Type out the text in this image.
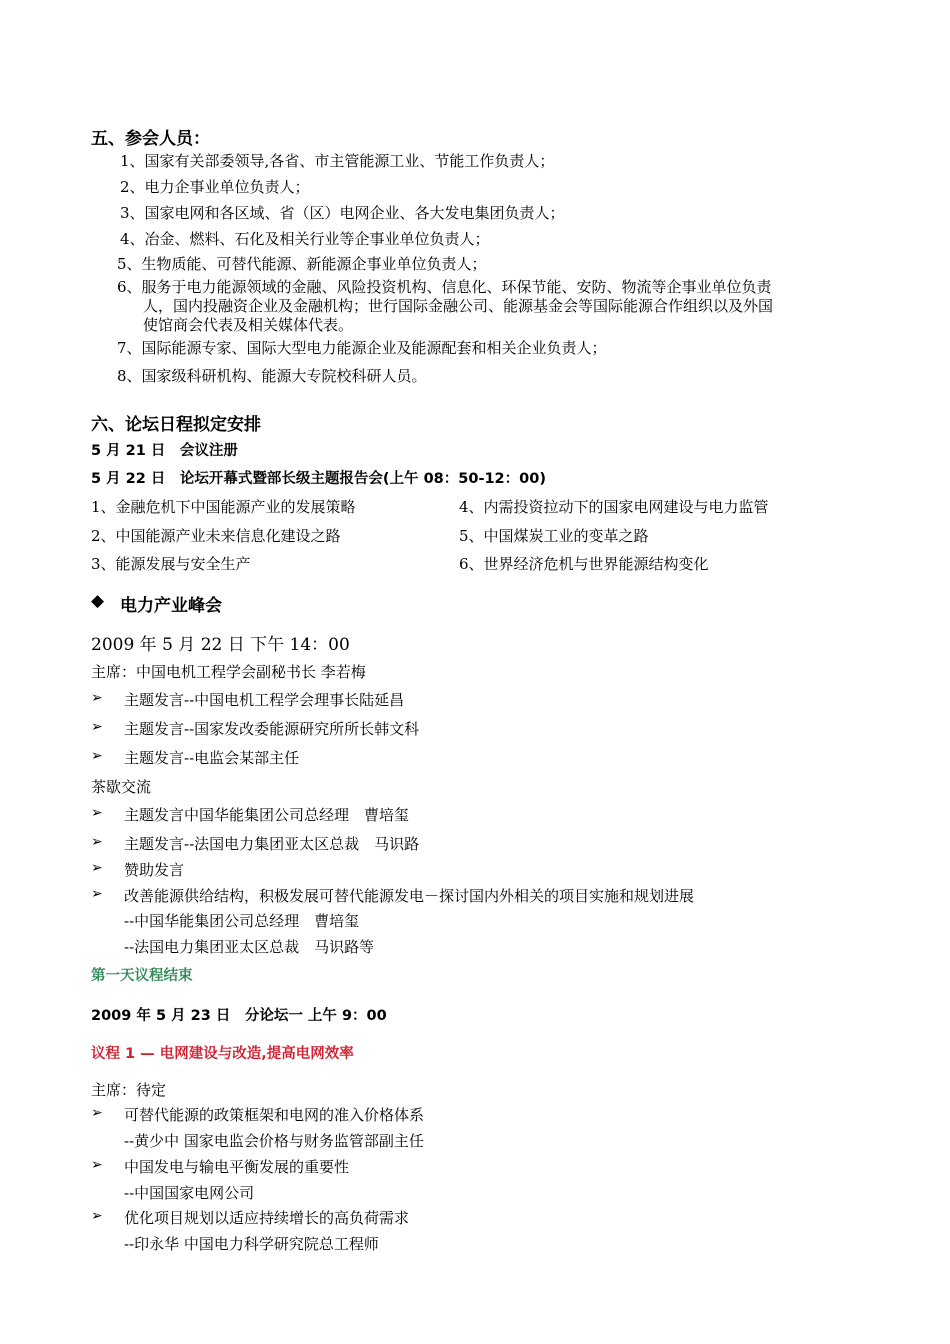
五、参会人员：
1、国家有关部委领导,各省、市主管能源工业、节能工作负责人；
2、电力企事业单位负责人；
3、国家电网和各区域、省（区）电网企业、各大发电集团负责人；
4、冶金、燃料、石化及相关行业等企事业单位负责人；
5、生物质能、可替代能源、新能源企事业单位负责人；
6、服务于电力能源领域的金融、风险投资机构、信息化、环保节能、安防、物流等企事业单位负责
人，国内投融资企业及金融机构；世行国际金融公司、能源基金会等国际能源合作组织以及外国
使馆商会代表及相关媒体代表。
7、国际能源专家、国际大型电力能源企业及能源配套和相关企业负责人；
8、国家级科研机构、能源大专院校科研人员。
六、论坛日程拟定安排
5 月 21 日　会议注册
5 月 22 日　论坛开幕式暨部长级主题报告会(上午 08：50-12：00)
1、金融危机下中国能源产业的发展策略
2、中国能源产业未来信息化建设之路
3、能源发展与安全生产
4、内需投资拉动下的国家电网建设与电力监管
5、中国煤炭工业的变革之路
6、世界经济危机与世界能源结构变化
◆ 电力产业峰会
2009 年 5 月 22 日 下午 14：00
主席：中国电机工程学会副秘书长 李若梅
➢ 主题发言--中国电机工程学会理事长陆延昌
➢ 主题发言--国家发改委能源研究所所长韩文科
➢ 主题发言--电监会某部主任
茶歇交流
➢ 主题发言中国华能集团公司总经理　曹培玺
➢ 主题发言--法国电力集团亚太区总裁　马识路
➢ 赞助发言
➢ 改善能源供给结构，积极发展可替代能源发电－探讨国内外相关的项目实施和规划进展
--中国华能集团公司总经理　曹培玺
--法国电力集团亚太区总裁　马识路等
第一天议程结束
2009 年 5 月 23 日　分论坛一 上午 9：00
议程 1 — 电网建设与改造,提高电网效率
主席：待定
➢ 可替代能源的政策框架和电网的准入价格体系
--黄少中 国家电监会价格与财务监管部副主任
➢ 中国发电与输电平衡发展的重要性
--中国国家电网公司
➢ 优化项目规划以适应持续增长的高负荷需求
--印永华 中国电力科学研究院总工程师
